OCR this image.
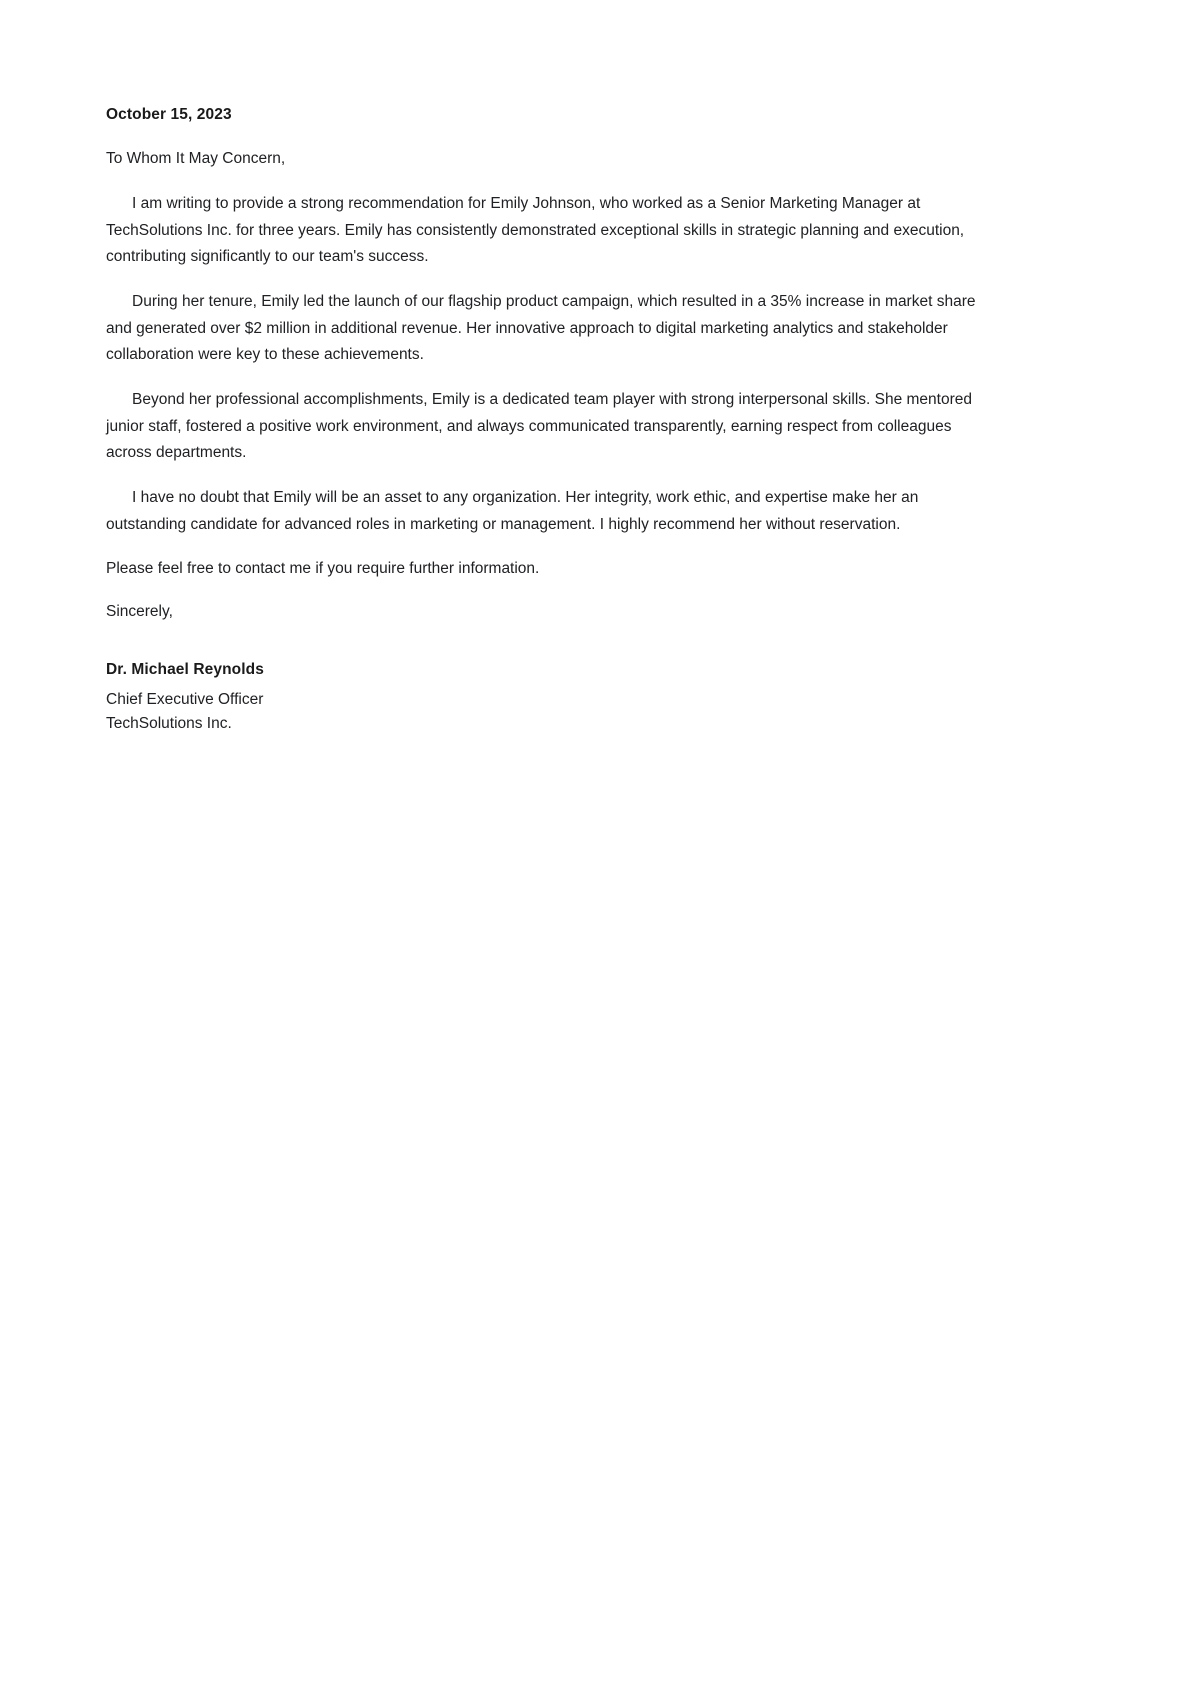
October 15, 2023

To Whom It May Concern,

I am writing to provide a strong recommendation for Emily Johnson, who worked as a Senior Marketing Manager at TechSolutions Inc. for three years. Emily has consistently demonstrated exceptional skills in strategic planning and execution, contributing significantly to our team's success.

During her tenure, Emily led the launch of our flagship product campaign, which resulted in a 35% increase in market share and generated over $2 million in additional revenue. Her innovative approach to digital marketing analytics and stakeholder collaboration were key to these achievements.

Beyond her professional accomplishments, Emily is a dedicated team player with strong interpersonal skills. She mentored junior staff, fostered a positive work environment, and always communicated transparently, earning respect from colleagues across departments.

I have no doubt that Emily will be an asset to any organization. Her integrity, work ethic, and expertise make her an outstanding candidate for advanced roles in marketing or management. I highly recommend her without reservation.

Please feel free to contact me if you require further information.

Sincerely,

Dr. Michael Reynolds

Chief Executive Officer

TechSolutions Inc.
